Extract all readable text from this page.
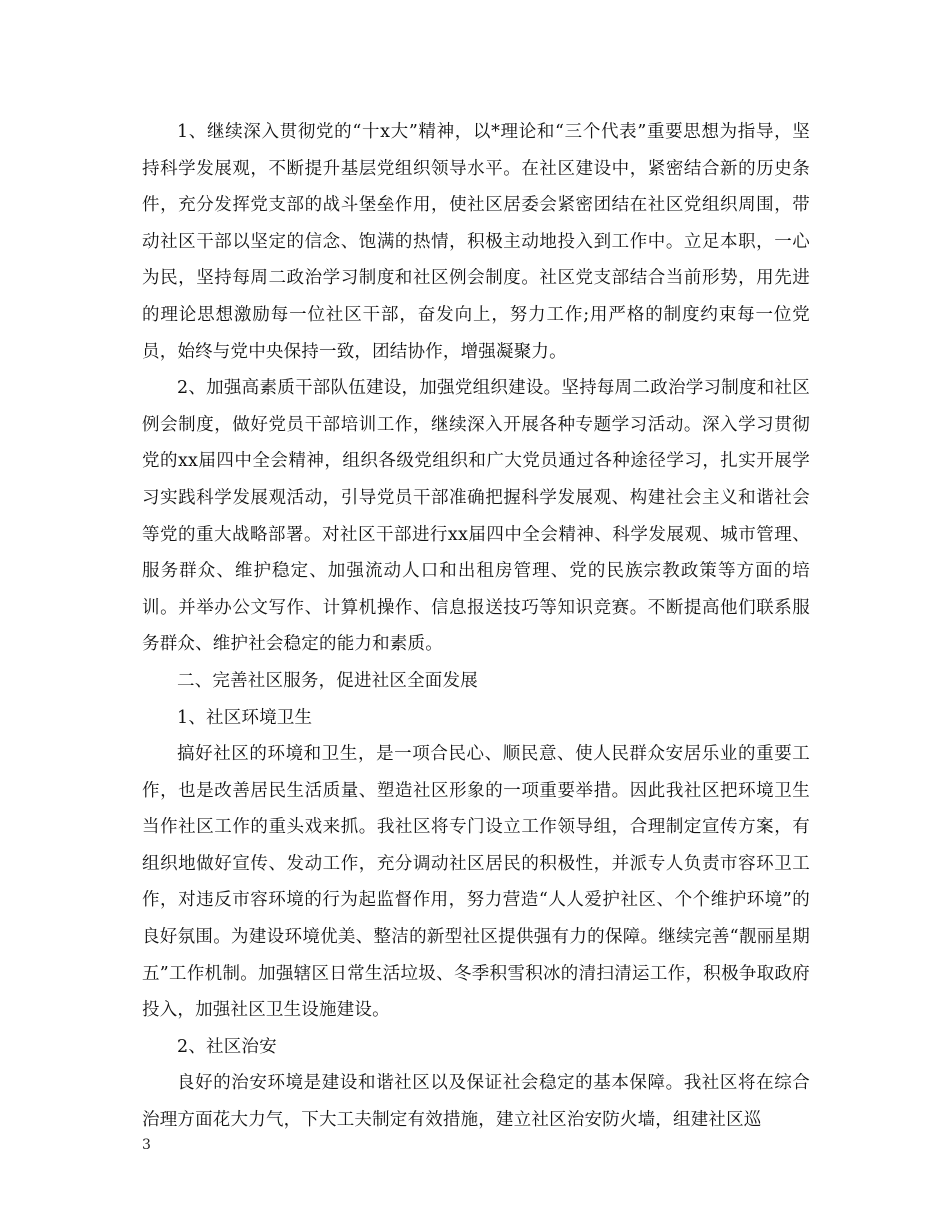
1、继续深入贯彻党的“十x大”精神，以*理论和“三个代表”重要思想为指导，坚持科学发展观，不断提升基层党组织领导水平。在社区建设中，紧密结合新的历史条件，充分发挥党支部的战斗堡垒作用，使社区居委会紧密团结在社区党组织周围，带动社区干部以坚定的信念、饱满的热情，积极主动地投入到工作中。立足本职，一心为民，坚持每周二政治学习制度和社区例会制度。社区党支部结合当前形势，用先进的理论思想激励每一位社区干部，奋发向上，努力工作;用严格的制度约束每一位党员，始终与党中央保持一致，团结协作，增强凝聚力。

2、加强高素质干部队伍建设，加强党组织建设。坚持每周二政治学习制度和社区例会制度，做好党员干部培训工作，继续深入开展各种专题学习活动。深入学习贯彻党的xx届四中全会精神，组织各级党组织和广大党员通过各种途径学习，扎实开展学习实践科学发展观活动，引导党员干部准确把握科学发展观、构建社会主义和谐社会等党的重大战略部署。对社区干部进行xx届四中全会精神、科学发展观、城市管理、服务群众、维护稳定、加强流动人口和出租房管理、党的民族宗教政策等方面的培训。并举办公文写作、计算机操作、信息报送技巧等知识竞赛。不断提高他们联系服务群众、维护社会稳定的能力和素质。

二、完善社区服务，促进社区全面发展

1、社区环境卫生

搞好社区的环境和卫生，是一项合民心、顺民意、使人民群众安居乐业的重要工作，也是改善居民生活质量、塑造社区形象的一项重要举措。因此我社区把环境卫生当作社区工作的重头戏来抓。我社区将专门设立工作领导组，合理制定宣传方案，有组织地做好宣传、发动工作，充分调动社区居民的积极性，并派专人负责市容环卫工作，对违反市容环境的行为起监督作用，努力营造“人人爱护社区、个个维护环境”的良好氛围。为建设环境优美、整洁的新型社区提供强有力的保障。继续完善“靓丽星期五”工作机制。加强辖区日常生活垃圾、冬季积雪积冰的清扫清运工作，积极争取政府投入，加强社区卫生设施建设。

2、社区治安

良好的治安环境是建设和谐社区以及保证社会稳定的基本保障。我社区将在综合治理方面花大力气，下大工夫制定有效措施，建立社区治安防火墙，组建社区巡

3
